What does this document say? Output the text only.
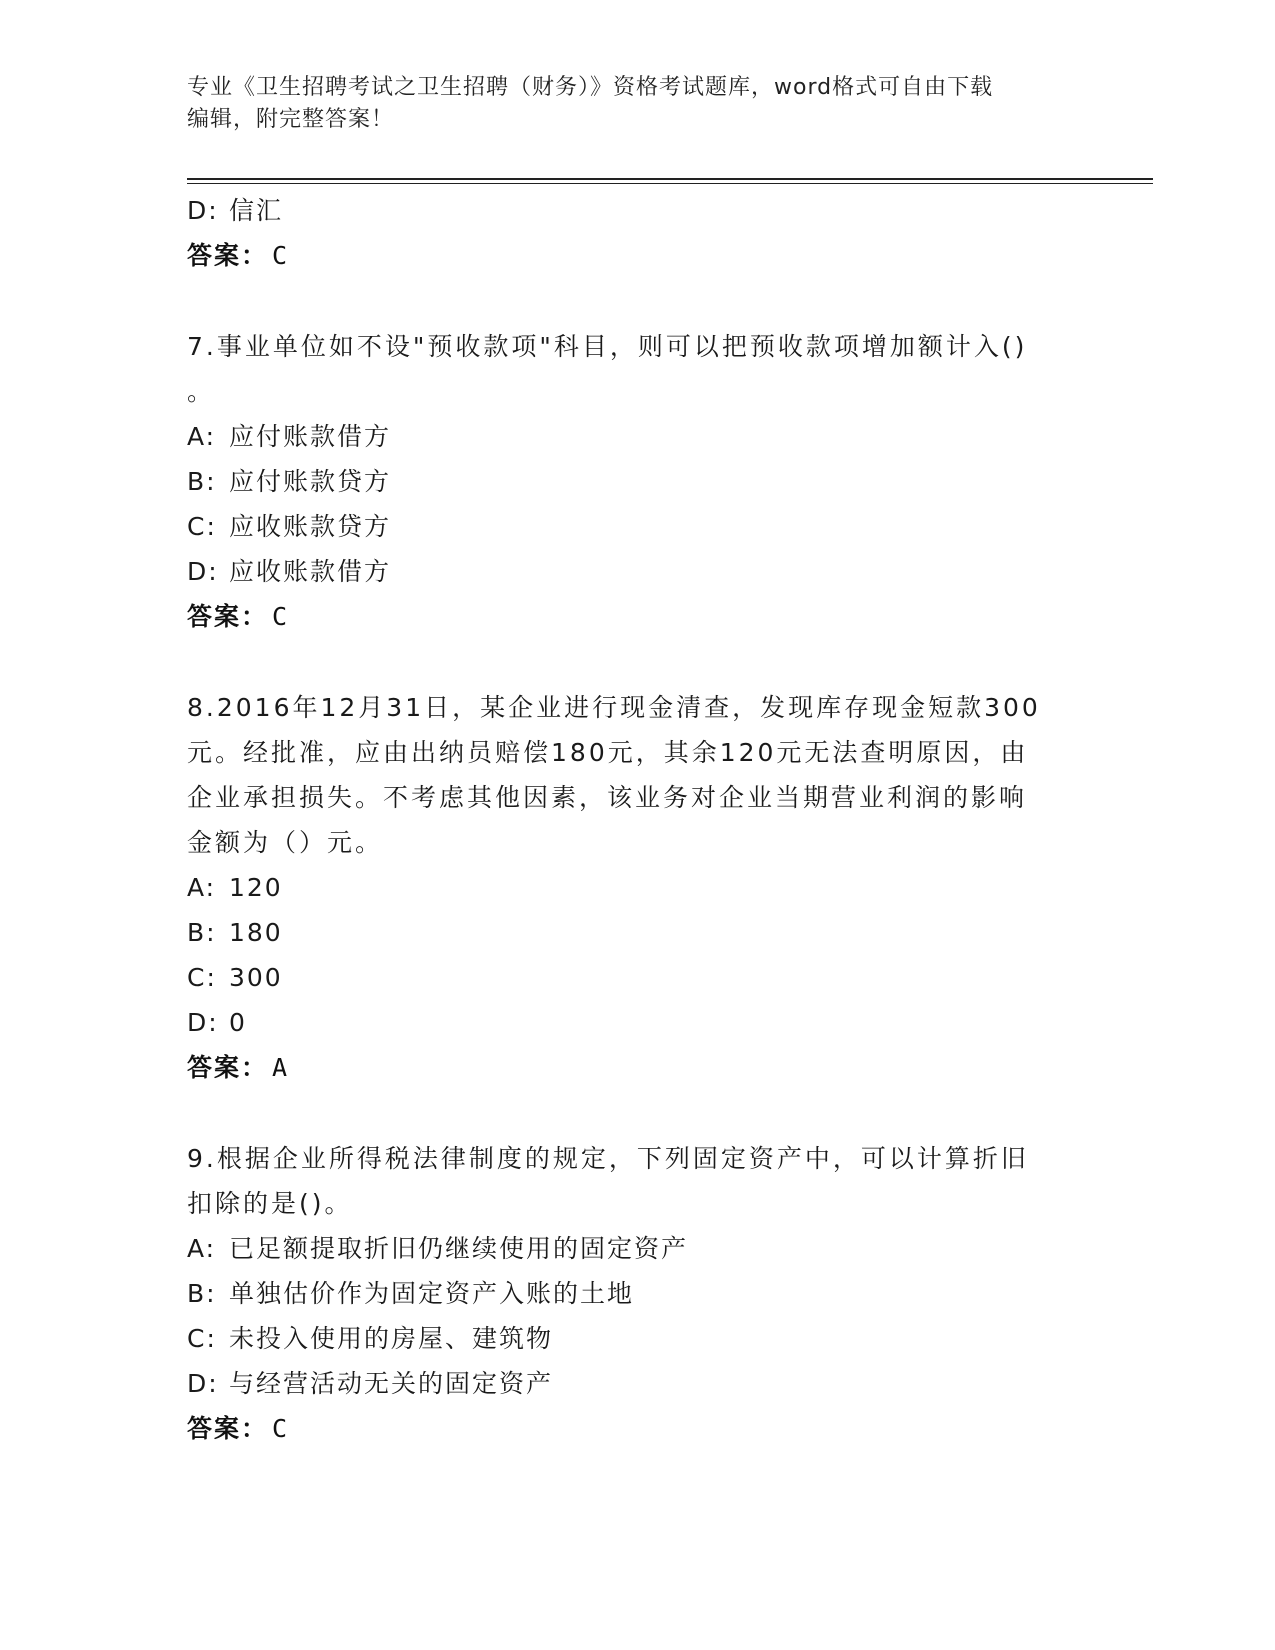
专业《卫生招聘考试之卫生招聘（财务）》资格考试题库，word格式可自由下载
编辑，附完整答案！
D: 信汇
答案： C
7.事业单位如不设"预收款项"科目，则可以把预收款项增加额计入()
。
A: 应付账款借方
B: 应付账款贷方
C: 应收账款贷方
D: 应收账款借方
答案： C
8.2016年12月31日，某企业进行现金清查，发现库存现金短款300
元。经批准，应由出纳员赔偿180元，其余120元无法查明原因，由
企业承担损失。不考虑其他因素，该业务对企业当期营业利润的影响
金额为（）元。
A: 120
B: 180
C: 300
D: 0
答案： A
9.根据企业所得税法律制度的规定，下列固定资产中，可以计算折旧
扣除的是()。
A: 已足额提取折旧仍继续使用的固定资产
B: 单独估价作为固定资产入账的土地
C: 未投入使用的房屋、建筑物
D: 与经营活动无关的固定资产
答案： C
